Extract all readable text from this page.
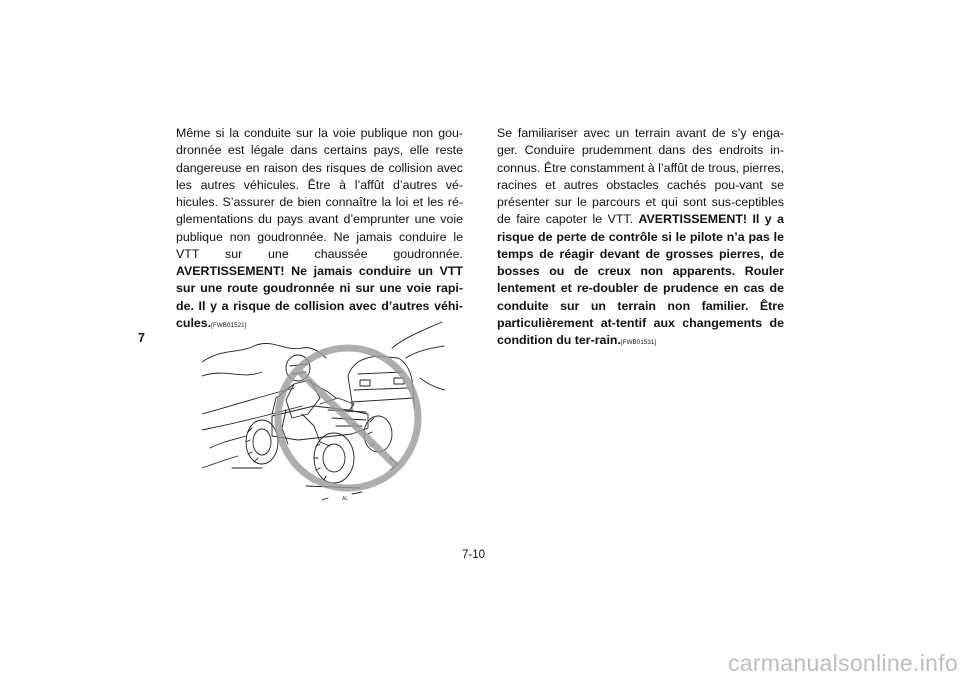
7
Même si la conduite sur la voie publique non gou-dronnée est légale dans certains pays, elle reste dangereuse en raison des risques de collision avec les autres véhicules. Être à l’affût d’autres vé-hicules. S’assurer de bien connaître la loi et les ré-glementations du pays avant d’emprunter une voie publique non goudronnée. Ne jamais conduire le VTT sur une chaussée goudronnée. AVERTISSEMENT! Ne jamais conduire un VTT sur une route goudronnée ni sur une voie rapi-de. Il y a risque de collision avec d’autres véhi-cules.[FWB01521]
AL
Se familiariser avec un terrain avant de s’y enga-ger. Conduire prudemment dans des endroits in-connus. Être constamment à l’affût de trous, pierres, racines et autres obstacles cachés pou-vant se présenter sur le parcours et qui sont sus-ceptibles de faire capoter le VTT. AVERTISSEMENT! Il y a risque de perte de contrôle si le pilote n’a pas le temps de réagir devant de grosses pierres, de bosses ou de creux non apparents. Rouler lentement et re-doubler de prudence en cas de conduite sur un terrain non familier. Être particulièrement at-tentif aux changements de condition du ter-rain.[FWB01531]
7-10
carmanualsonline.info
